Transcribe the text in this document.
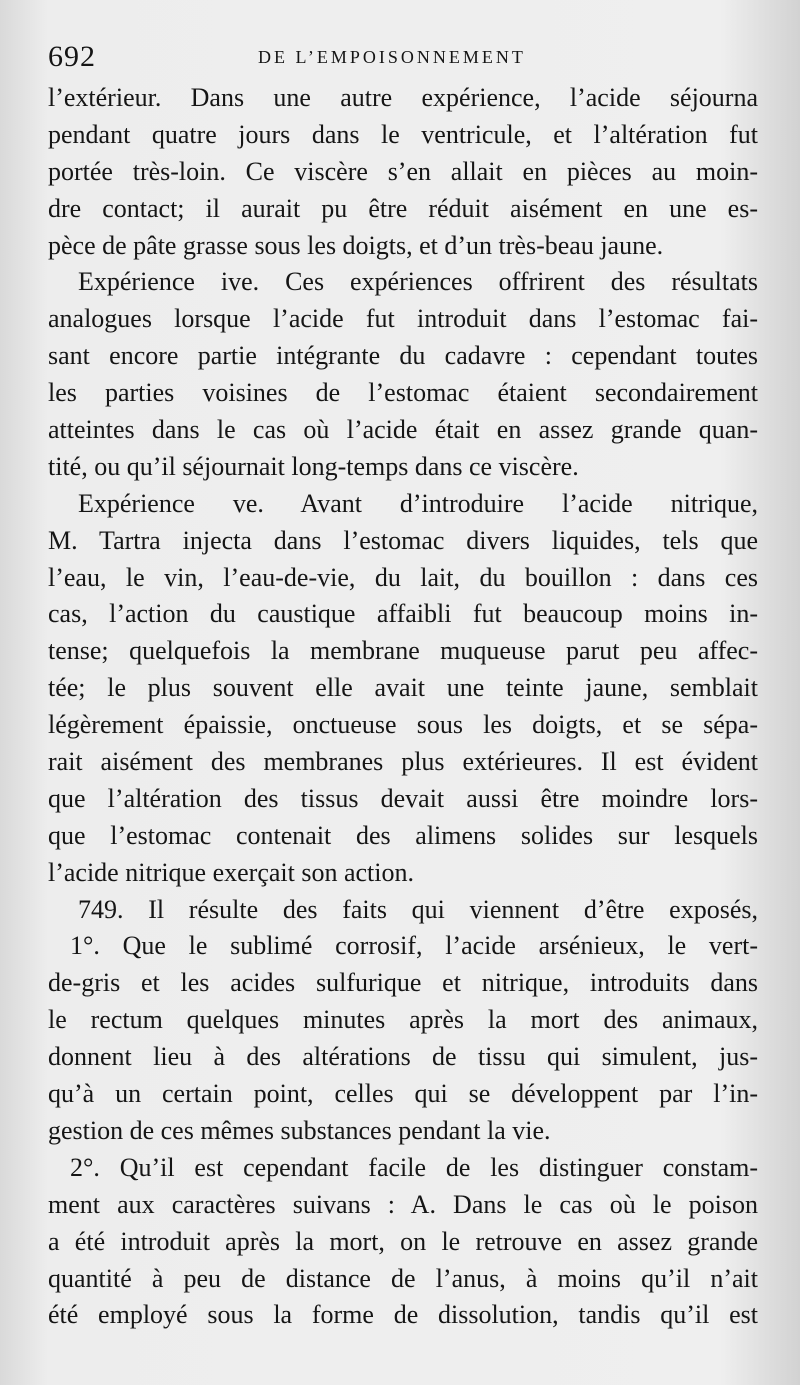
692	DE L’EMPOISONNEMENT
l’extérieur. Dans une autre expérience, l’acide séjourna
pendant quatre jours dans le ventricule, et l’altération fut
portée très-loin. Ce viscère s’en allait en pièces au moin-
dre contact; il aurait pu être réduit aisément en une es-
pèce de pâte grasse sous les doigts, et d’un très-beau jaune.
Expérience ive. Ces expériences offrirent des résultats
analogues lorsque l’acide fut introduit dans l’estomac fai-
sant encore partie intégrante du cadavre : cependant toutes
les parties voisines de l’estomac étaient secondairement
atteintes dans le cas où l’acide était en assez grande quan-
tité, ou qu’il séjournait long-temps dans ce viscère.
Expérience ve. Avant d’introduire l’acide nitrique,
M. Tartra injecta dans l’estomac divers liquides, tels que
l’eau, le vin, l’eau-de-vie, du lait, du bouillon : dans ces
cas, l’action du caustique affaibli fut beaucoup moins in-
tense; quelquefois la membrane muqueuse parut peu affec-
tée; le plus souvent elle avait une teinte jaune, semblait
légèrement épaissie, onctueuse sous les doigts, et se sépa-
rait aisément des membranes plus extérieures. Il est évident
que l’altération des tissus devait aussi être moindre lors-
que l’estomac contenait des alimens solides sur lesquels
l’acide nitrique exerçait son action.
749. Il résulte des faits qui viennent d’être exposés,
1°. Que le sublimé corrosif, l’acide arsénieux, le vert-
de-gris et les acides sulfurique et nitrique, introduits dans
le rectum quelques minutes après la mort des animaux,
donnent lieu à des altérations de tissu qui simulent, jus-
qu’à un certain point, celles qui se développent par l’in-
gestion de ces mêmes substances pendant la vie.
2°. Qu’il est cependant facile de les distinguer constam-
ment aux caractères suivans : A. Dans le cas où le poison
a été introduit après la mort, on le retrouve en assez grande
quantité à peu de distance de l’anus, à moins qu’il n’ait
été employé sous la forme de dissolution, tandis qu’il est
